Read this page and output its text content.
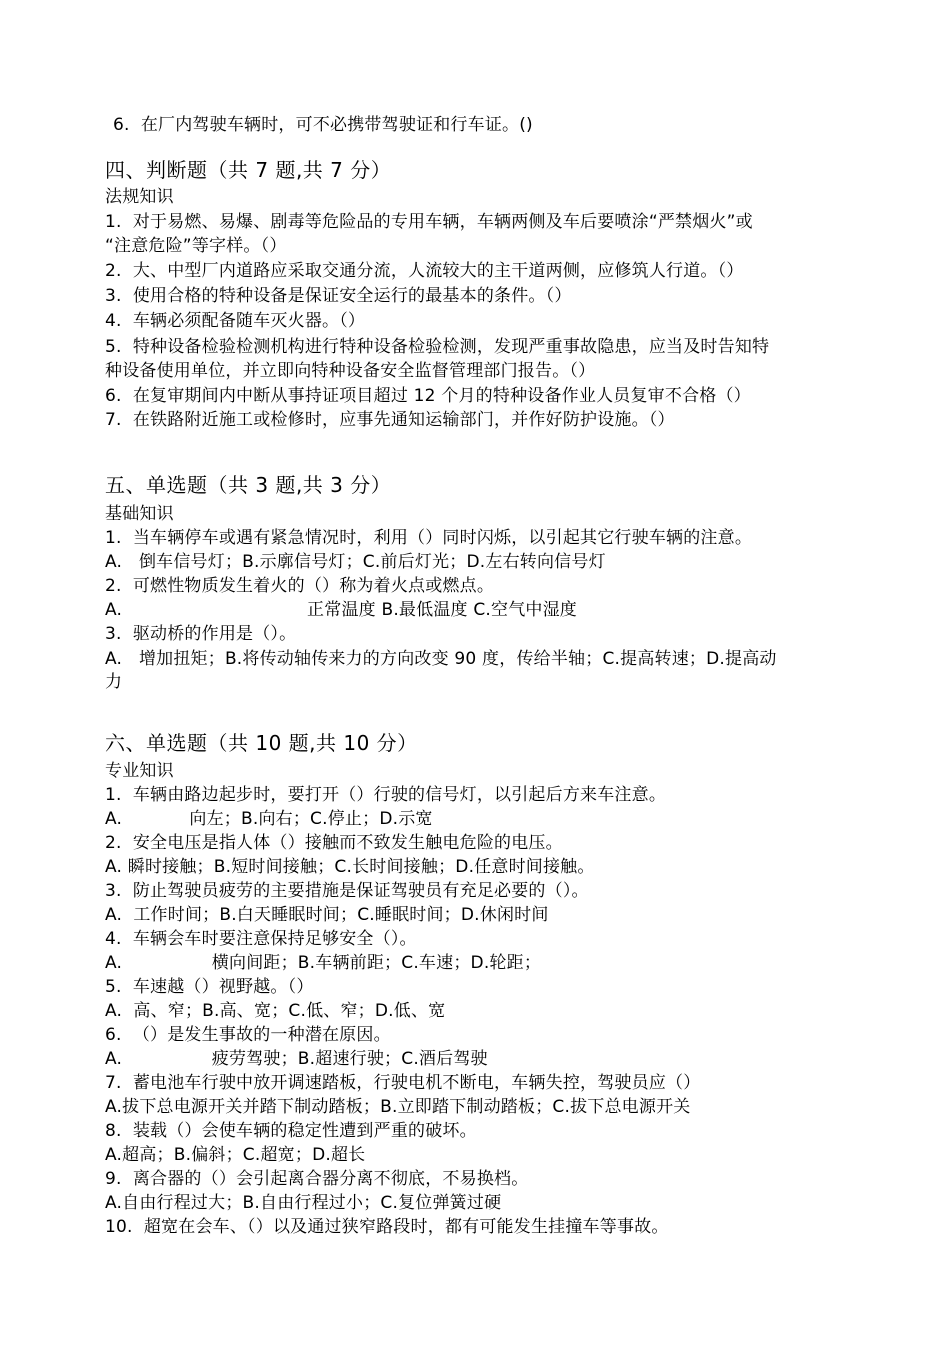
6.  在厂内驾驶车辆时，可不必携带驾驶证和行车证。()
四、判断题（共 7 题,共 7 分）
法规知识
1.  对于易燃、易爆、剧毒等危险品的专用车辆，车辆两侧及车后要喷涂“严禁烟火”或
“注意危险”等字样。（）
2.  大、中型厂内道路应采取交通分流，人流较大的主干道两侧，应修筑人行道。（）
3.  使用合格的特种设备是保证安全运行的最基本的条件。（）
4.  车辆必须配备随车灭火器。（）
5.  特种设备检验检测机构进行特种设备检验检测，发现严重事故隐患，应当及时告知特
种设备使用单位，并立即向特种设备安全监督管理部门报告。（）
6.  在复审期间内中断从事持证项目超过 12 个月的特种设备作业人员复审不合格（）
7.  在铁路附近施工或检修时，应事先通知运输部门，并作好防护设施。（）
五、单选题（共 3 题,共 3 分）
基础知识
1.  当车辆停车或遇有紧急情况时，利用（）同时闪烁，以引起其它行驶车辆的注意。
A.   倒车信号灯；B.示廓信号灯；C.前后灯光；D.左右转向信号灯
2.  可燃性物质发生着火的（）称为着火点或燃点。
A.                                 正常温度 B.最低温度 C.空气中湿度
3.  驱动桥的作用是（）。
A.   增加扭矩；B.将传动轴传来力的方向改变 90 度，传给半轴；C.提高转速；D.提高动
力
六、单选题（共 10 题,共 10 分）
专业知识
1.  车辆由路边起步时，要打开（）行驶的信号灯，以引起后方来车注意。
A.            向左；B.向右；C.停止；D.示宽
2.  安全电压是指人体（）接触而不致发生触电危险的电压。
A. 瞬时接触；B.短时间接触；C.长时间接触；D.任意时间接触。
3.  防止驾驶员疲劳的主要措施是保证驾驶员有充足必要的（）。
A.  工作时间；B.白天睡眠时间；C.睡眠时间；D.休闲时间
4.  车辆会车时要注意保持足够安全（）。
A.                横向间距；B.车辆前距；C.车速；D.轮距；
5.  车速越（）视野越。（）
A.  高、窄；B.高、宽；C.低、窄；D.低、宽
6.  （）是发生事故的一种潜在原因。
A.                疲劳驾驶；B.超速行驶；C.酒后驾驶
7.  蓄电池车行驶中放开调速踏板，行驶电机不断电，车辆失控，驾驶员应（）
A.拔下总电源开关并踏下制动踏板；B.立即踏下制动踏板；C.拔下总电源开关
8.  装载（）会使车辆的稳定性遭到严重的破坏。
A.超高；B.偏斜；C.超宽；D.超长
9.  离合器的（）会引起离合器分离不彻底，不易换档。
A.自由行程过大；B.自由行程过小；C.复位弹簧过硬
10.  超宽在会车、（）以及通过狭窄路段时，都有可能发生挂撞车等事故。
